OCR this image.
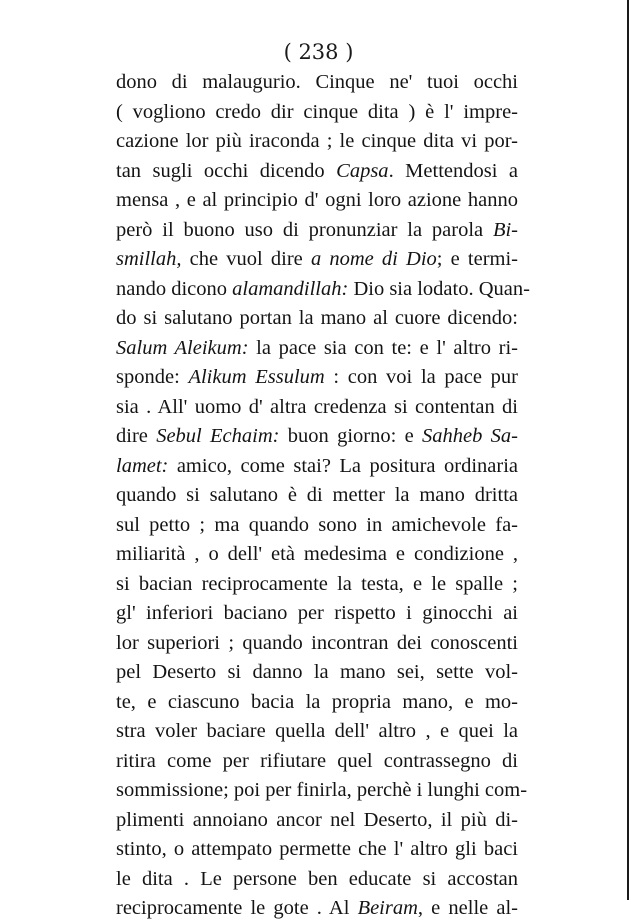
( 238 )
dono di malaugurio. Cinque ne' tuoi occhi
( vogliono credo dir cinque dita ) è l' impre-
cazione lor più iraconda ; le cinque dita vi por-
tan sugli occhi dicendo Capsa. Mettendosi a
mensa , e al principio d' ogni loro azione hanno
però il buono uso di pronunziar la parola Bi-
smillah, che vuol dire a nome di Dio; e termi-
nando dicono alamandillah: Dio sia lodato. Quan-
do si salutano portan la mano al cuore dicendo:
Salum Aleikum: la pace sia con te: e l' altro ri-
sponde: Alikum Essulum : con voi la pace pur
sia . All' uomo d' altra credenza si contentan di
dire Sebul Echaim: buon giorno: e Sahheb Sa-
lamet: amico, come stai? La positura ordinaria
quando si salutano è di metter la mano dritta
sul petto ; ma quando sono in amichevole fa-
miliarità , o dell' età medesima e condizione ,
si bacian reciprocamente la testa, e le spalle ;
gl' inferiori baciano per rispetto i ginocchi ai
lor superiori ; quando incontran dei conoscenti
pel Deserto si danno la mano sei, sette vol-
te, e ciascuno bacia la propria mano, e mo-
stra voler baciare quella dell' altro , e quei la
ritira come per rifiutare quel contrassegno di
sommissione; poi per finirla, perchè i lunghi com-
plimenti annoiano ancor nel Deserto, il più di-
stinto, o attempato permette che l' altro gli baci
le dita . Le persone ben educate si accostan
reciprocamente le gote . Al Beiram, e nelle al-
